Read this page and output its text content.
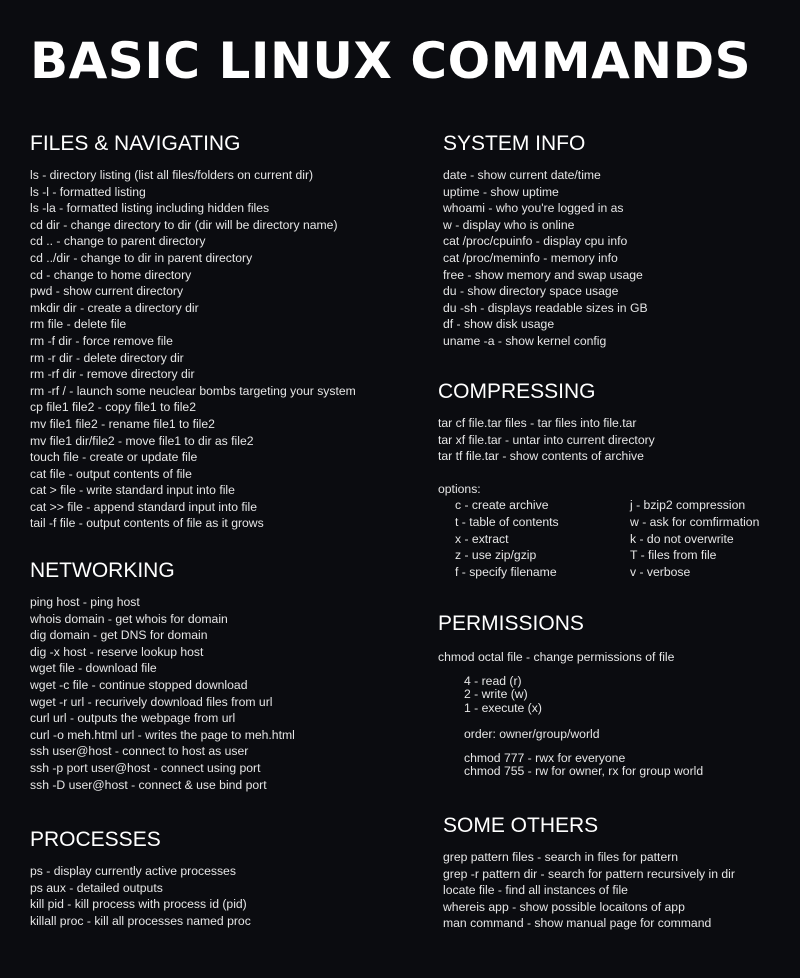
BASIC LINUX COMMANDS
FILES & NAVIGATING
ls - directory listing (list all files/folders on current dir)
ls -l - formatted listing
ls -la - formatted listing including hidden files
cd dir - change directory to dir (dir will be directory name)
cd .. - change to parent directory
cd ../dir - change to dir in parent directory
cd - change to home directory
pwd - show current directory
mkdir dir - create a directory dir
rm file - delete file
rm -f dir - force remove file
rm -r dir - delete directory dir
rm -rf dir - remove directory dir
rm -rf / - launch some neuclear bombs targeting your system
cp file1 file2 - copy file1 to file2
mv file1 file2 - rename file1 to file2
mv file1 dir/file2 - move file1 to dir as file2
touch file - create or update file
cat file - output contents of file
cat > file - write standard input into file
cat >> file - append standard input into file
tail -f file - output contents of file as it grows
NETWORKING
ping host - ping host
whois domain - get whois for domain
dig domain - get DNS for domain
dig -x host - reserve lookup host
wget file - download file
wget -c file - continue stopped download
wget -r url - recurively download files from url
curl url - outputs the webpage from url
curl -o meh.html url - writes the page to meh.html
ssh user@host - connect to host as user
ssh -p port user@host - connect using port
ssh -D user@host - connect & use bind port
PROCESSES
ps - display currently active processes
ps aux - detailed outputs
kill pid - kill process with process id (pid)
killall proc - kill all processes named proc
SYSTEM INFO
date - show current date/time
uptime - show uptime
whoami - who you're logged in as
w - display who is online
cat /proc/cpuinfo - display cpu info
cat /proc/meminfo - memory info
free - show memory and swap usage
du - show directory space usage
du -sh - displays readable sizes in GB
df - show disk usage
uname -a - show kernel config
COMPRESSING
tar cf file.tar files - tar files into file.tar
tar xf file.tar - untar into current directory
tar tf file.tar - show contents of archive
options:
c - create archive
t - table of contents
x - extract
z - use zip/gzip
f - specify filename
j - bzip2 compression
w - ask for comfirmation
k - do not overwrite
T - files from file
v - verbose
PERMISSIONS
chmod octal file - change permissions of file
4 - read (r)
2 - write (w)
1 - execute (x)
order: owner/group/world
chmod 777 - rwx for everyone
chmod 755 - rw for owner, rx for group world
SOME OTHERS
grep pattern files - search in files for pattern
grep -r pattern dir - search for pattern recursively in dir
locate file - find all instances of file
whereis app - show possible locaitons of app
man command - show manual page for command
